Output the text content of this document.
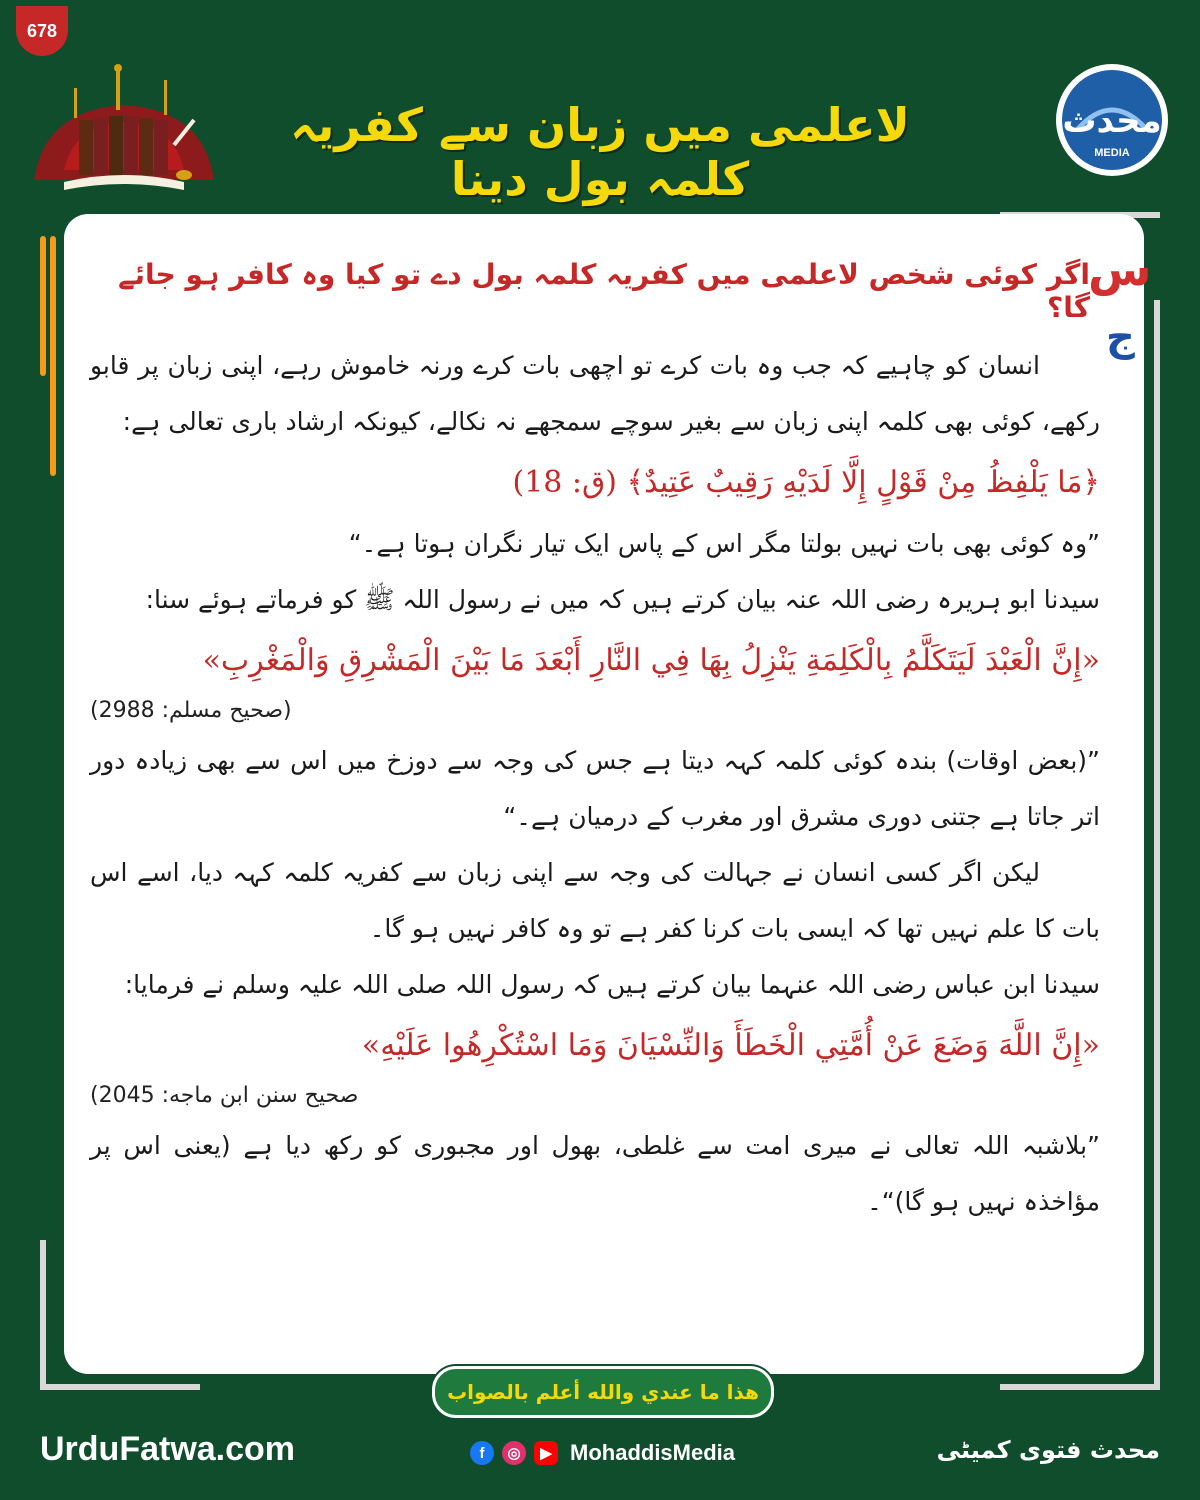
678
محدث
MEDIA
لاعلمی میں زبان سے کفریہ کلمہ بول دینا
س
ج

اگر کوئی شخص لاعلمی میں کفریہ کلمہ بول دے تو کیا وہ کافر ہو جائے گا؟

انسان کو چاہیے کہ جب وہ بات کرے تو اچھی بات کرے ورنہ خاموش رہے، اپنی زبان پر قابو رکھے، کوئی بھی کلمہ اپنی زبان سے بغیر سوچے سمجھے نہ نکالے، کیونکہ ارشاد باری تعالی ہے:

﴿مَا يَلْفِظُ مِنْ قَوْلٍ إِلَّا لَدَيْهِ رَقِيبٌ عَتِيدٌ﴾ (ق: 18)

”وہ کوئی بھی بات نہیں بولتا مگر اس کے پاس ایک تیار نگران ہوتا ہے۔“

سیدنا ابو ہریرہ رضی اللہ عنہ بیان کرتے ہیں کہ میں نے رسول اللہ ﷺ کو فرماتے ہوئے سنا:

«إِنَّ الْعَبْدَ لَيَتَكَلَّمُ بِالْكَلِمَةِ يَنْزِلُ بِهَا فِي النَّارِ أَبْعَدَ مَا بَيْنَ الْمَشْرِقِ وَالْمَغْرِبِ»

(صحيح مسلم: 2988)

”(بعض اوقات) بندہ کوئی کلمہ کہہ دیتا ہے جس کی وجہ سے دوزخ میں اس سے بھی زیادہ دور اتر جاتا ہے جتنی دوری مشرق اور مغرب کے درمیان ہے۔“

لیکن اگر کسی انسان نے جہالت کی وجہ سے اپنی زبان سے کفریہ کلمہ کہہ دیا، اسے اس بات کا علم نہیں تھا کہ ایسی بات کرنا کفر ہے تو وہ کافر نہیں ہو گا۔

سیدنا ابن عباس رضی اللہ عنہما بیان کرتے ہیں کہ رسول اللہ صلی اللہ علیہ وسلم نے فرمایا:

«إِنَّ اللَّهَ وَضَعَ عَنْ أُمَّتِي الْخَطَأَ وَالنِّسْيَانَ وَمَا اسْتُكْرِهُوا عَلَيْهِ»

صحيح سنن ابن ماجه: 2045)

”بلاشبہ اللہ تعالی نے میری امت سے غلطی، بھول اور مجبوری کو رکھ دیا ہے (یعنی اس پر مؤاخذہ نہیں ہو گا)“۔

هذا ما عندي والله أعلم بالصواب
UrduFatwa.com	f	◎	▶ MohaddisMedia	محدث فتوی کمیٹی
